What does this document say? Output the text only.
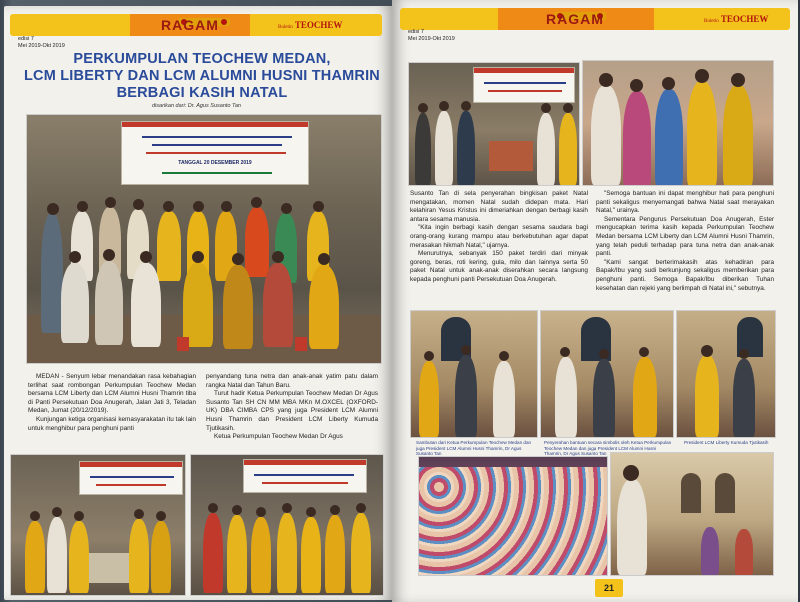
RAGAM	Buletin TEOCHEW
edisi 7
Mei 2019-Okt 2019
PERKUMPULAN TEOCHEW MEDAN,
LCM LIBERTY DAN LCM ALUMNI HUSNI THAMRIN
BERBAGI KASIH NATAL
disarikan dari: Dr. Agus Susanto Tan
TANGGAL 20 DESEMBER 2019

MEDAN - Senyum lebar menandakan rasa kebahagian terlihat saat rombongan Perkumpulan Teochew Medan bersama LCM Liberty dan LCM Alumni Husni Thamrin tiba di Panti Persekutuan Doa Anugerah, Jalan Jati 3, Teladan Medan, Jumat (20/12/2019).

Kunjungan ketiga organisasi kemasyarakatan itu tak lain untuk menghibur para penghuni panti

penyandang tuna netra dan anak-anak yatim patu dalam rangka Natal dan Tahun Baru.

Turut hadir Ketua Perkumpulan Teochew Medan Dr Agus Susanto Tan SH CN MM MBA MKn M.OXCEL (OXFORD-UK) DBA CIMBA CPS yang juga President LCM Alumni Husni Thamrin dan President LCM Liberty Kumuda Tjutikasih.

Ketua Perkumpulan Teochew Medan Dr Agus

RAGAM	Buletin TEOCHEW
edisi 7
Mei 2019-Okt 2019

Susanto Tan di sela penyerahan bingkisan paket Natal mengatakan, momen Natal sudah didepan mata. Hari kelahiran Yesus Kristus ini dimeriahkan dengan berbagi kasih antara sesama manusia.

"Kita ingin berbagi kasih dengan sesama saudara bagi orang-orang kurang mampu atau berkebutuhan agar dapat merasakan hikmah Natal," ujarnya.

Menurutnya, sebanyak 150 paket terdiri dari minyak goreng, beras, roti kering, gula, milo dan lainnya serta 50 paket Natal untuk anak-anak diserahkan secara langsung kepada penghuni panti Persekutuan Doa Anugerah.

"Semoga bantuan ini dapat menghibur hati para penghuni panti sekaligus menyemangati bahwa Natal saat merayakan Natal," urainya.

Sementara Pengurus Persekutuan Doa Anugerah, Ester mengucapkan terima kasih kepada Perkumpulan Teochew Medan bersama LCM Liberty dan LCM Alumni Husni Thamrin, yang telah peduli terhadap para tuna netra dan anak-anak panti.

"Kami sangat berterimakasih atas kehadiran para Bapak/Ibu yang sudi berkunjung sekaligus memberikan para penghuni panti. Semoga Bapak/Ibu diberikan Tuhan kesehatan dan rejeki yang berlimpah di Natal ini," sebutnya.

Sambutan dari Ketua Perkumpulan Teochew Medan dan juga President LCM Alumni Husni Thamrin, Dr Agus Susanto Tan
Penyerahan bantuan secara simbolis oleh Ketua Perkumpulan Teochew Medan dan juga President LCM Alumni Husni Thamrin, Dr Agus Susanto Tan
President LCM Liberty Kumuda Tjutikasih
21
